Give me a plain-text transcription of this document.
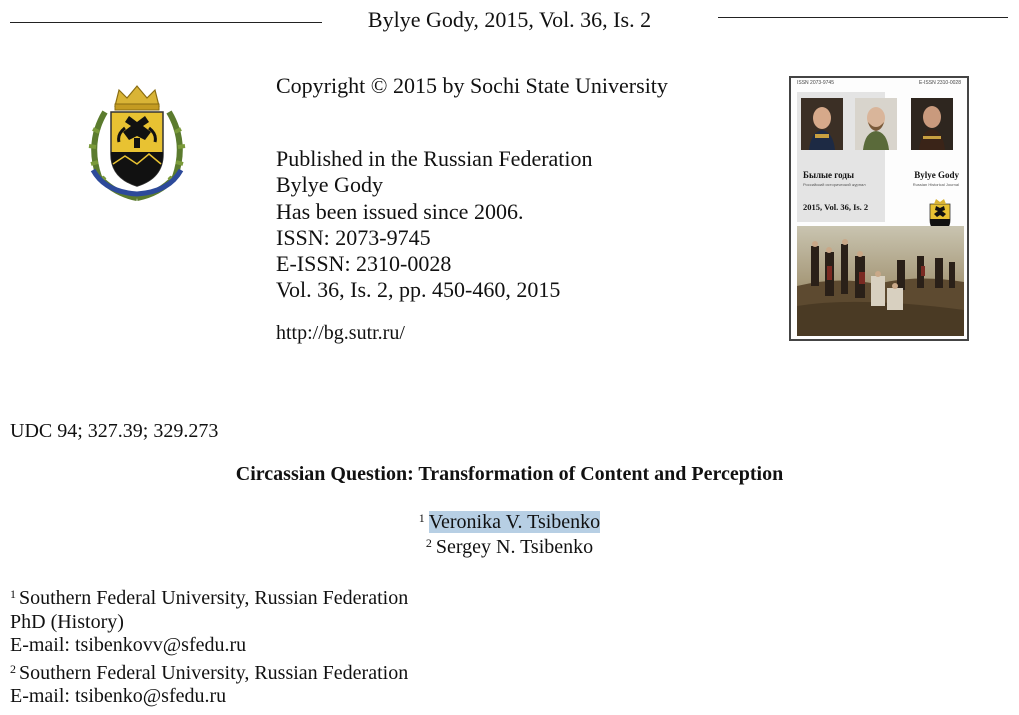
Bylye Gody, 2015, Vol. 36, Is. 2
Copyright © 2015 by Sochi State University
Published in the Russian Federation
Bylye Gody
Has been issued since 2006.
ISSN: 2073-9745
E-ISSN: 2310-0028
Vol. 36, Is. 2, pp. 450-460, 2015
http://bg.sutr.ru/
ISSN 2073-9745	E-ISSN 2310-0028
Былые годы
Российский исторический журнал
Bylye Gody
Russian Historical Journal
2015, Vol. 36, Is. 2
UDC 94; 327.39; 329.273
Circassian Question: Transformation of Content and Perception
$^1$ Veronika V. Tsibenko
$^2$ Sergey N. Tsibenko
$^1$ Southern Federal University, Russian Federation
PhD (History)
E-mail: tsibenkovv@sfedu.ru
$^2$ Southern Federal University, Russian Federation
E-mail: tsibenko@sfedu.ru
